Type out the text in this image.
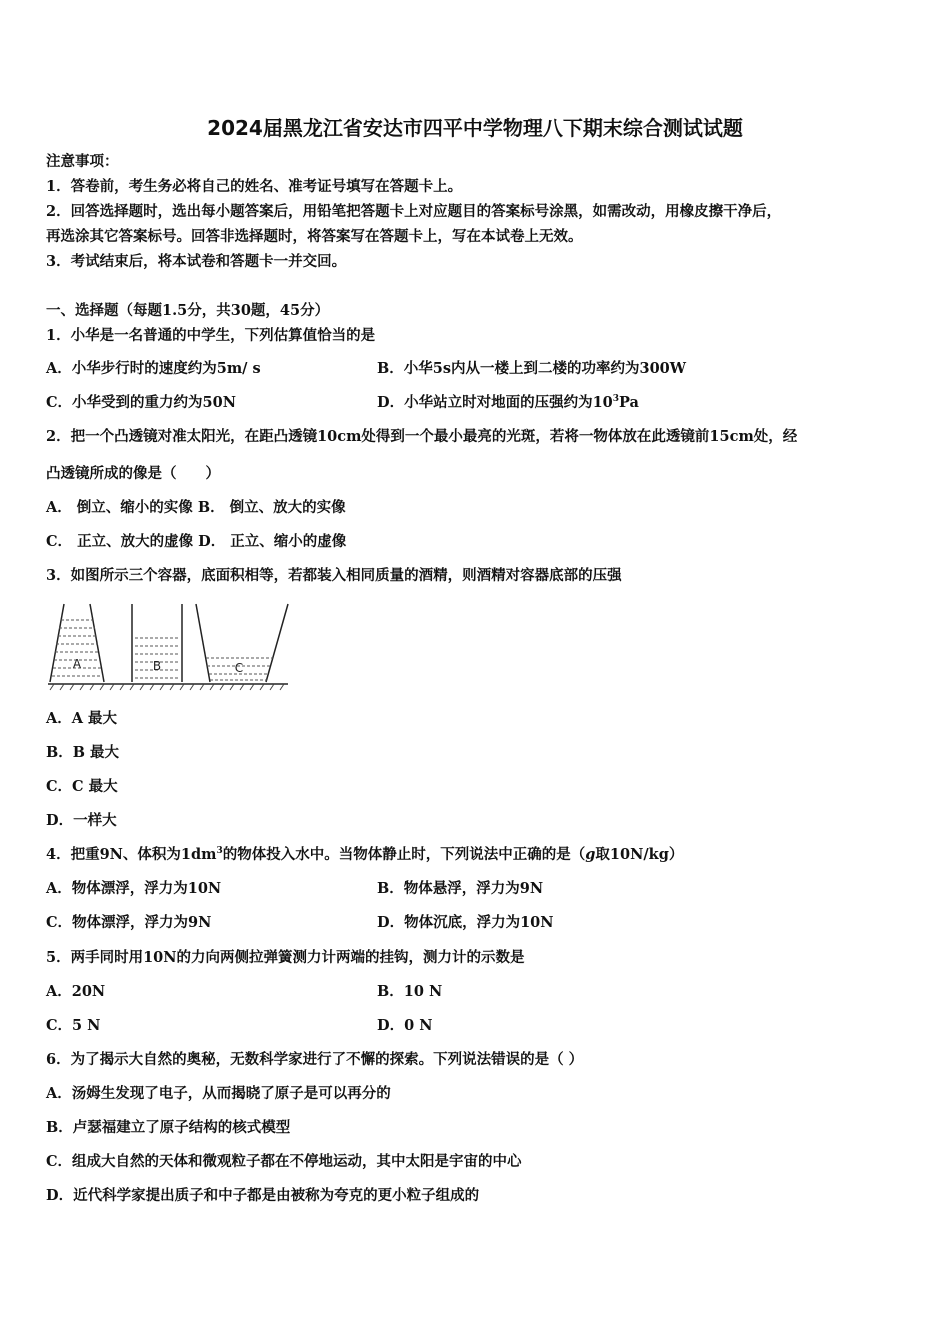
2024届黑龙江省安达市四平中学物理八下期末综合测试试题
注意事项：
1．答卷前，考生务必将自己的姓名、准考证号填写在答题卡上。
2．回答选择题时，选出每小题答案后，用铅笔把答题卡上对应题目的答案标号涂黑，如需改动，用橡皮擦干净后，
再选涂其它答案标号。回答非选择题时，将答案写在答题卡上，写在本试卷上无效。
3．考试结束后，将本试卷和答题卡一并交回。
一、选择题（每题1.5分，共30题，45分）
1．小华是一名普通的中学生，下列估算值恰当的是
A．小华步行时的速度约为5m/ s	B．小华5s内从一楼上到二楼的功率约为300W
C．小华受到的重力约为50N	D．小华站立时对地面的压强约为$10^3Pa$
2．把一个凸透镜对准太阳光，在距凸透镜10cm处得到一个最小最亮的光斑，若将一物体放在此透镜前15cm处，经
凸透镜所成的像是（　　）
A． 倒立、缩小的实像 B． 倒立、放大的实像
C． 正立、放大的虚像 D． 正立、缩小的虚像
3．如图所示三个容器，底面积相等，若都装入相同质量的酒精，则酒精对容器底部的压强
A	B	C
A．A 最大
B．B 最大
C．C 最大
D．一样大
4．把重9N、体积为$1dm^3$的物体投入水中。当物体静止时，下列说法中正确的是（g取10N/kg）
A．物体漂浮，浮力为10N	B．物体悬浮，浮力为9N
C．物体漂浮，浮力为9N	D．物体沉底，浮力为10N
5．两手同时用10N的力向两侧拉弹簧测力计两端的挂钩，测力计的示数是
A．20N	B．10 N
C．5 N	D．0 N
6．为了揭示大自然的奥秘，无数科学家进行了不懈的探索。下列说法错误的是（ ）
A．汤姆生发现了电子，从而揭晓了原子是可以再分的
B．卢瑟福建立了原子结构的核式模型
C．组成大自然的天体和微观粒子都在不停地运动，其中太阳是宇宙的中心
D．近代科学家提出质子和中子都是由被称为夸克的更小粒子组成的
